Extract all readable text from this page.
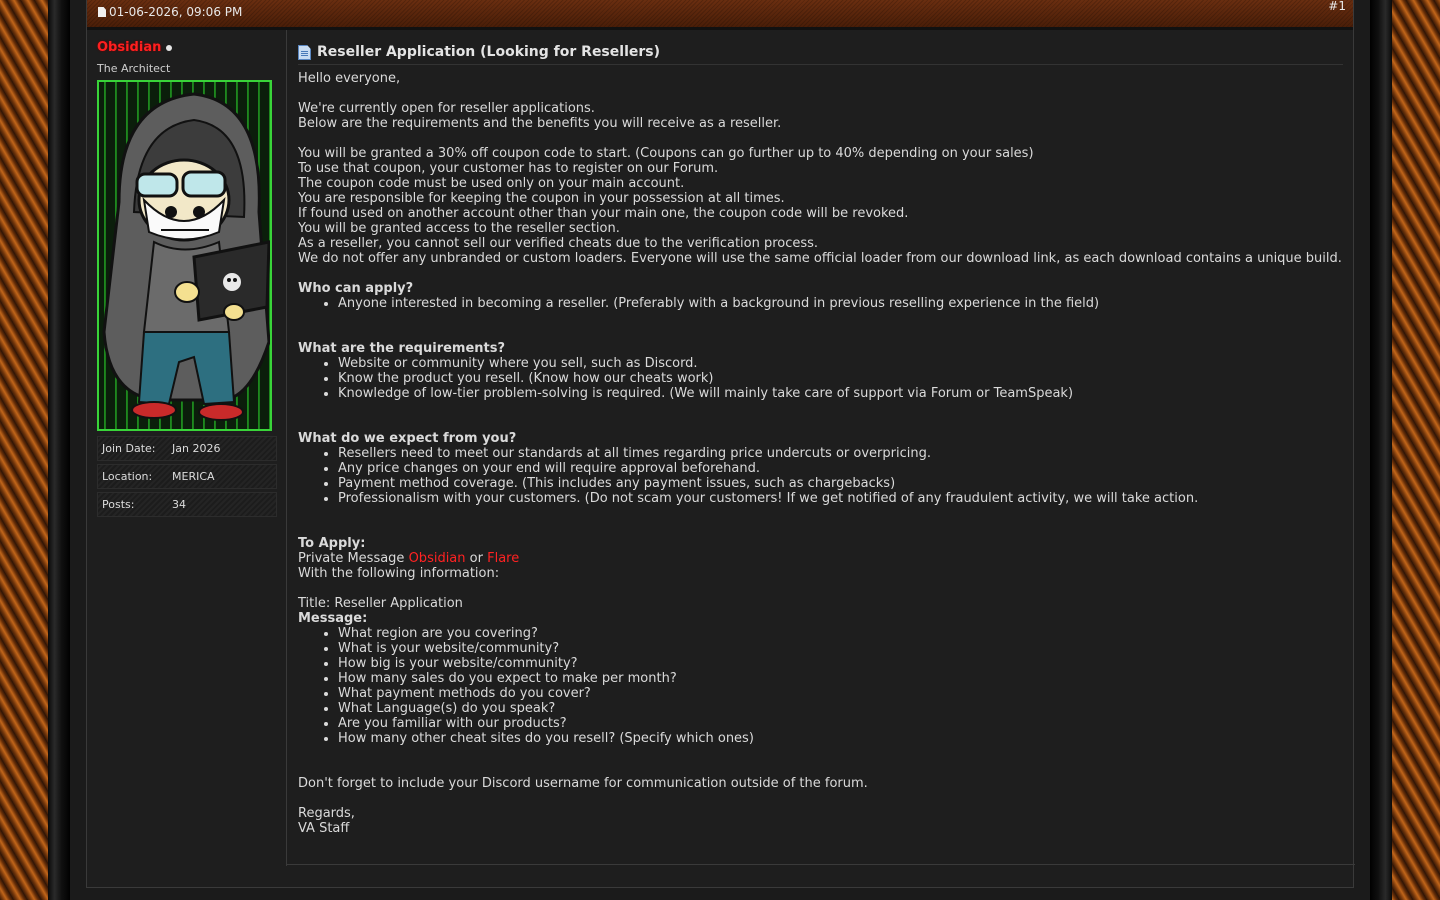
01-06-2026, 09:06 PM	#1
Obsidian
The Architect
Join Date:	Jan 2026
Location:	MERICA
Posts:	34
Reseller Application (Looking for Resellers)
Hello everyone,
We're currently open for reseller applications.
Below are the requirements and the benefits you will receive as a reseller.
You will be granted a 30% off coupon code to start. (Coupons can go further up to 40% depending on your sales)
To use that coupon, your customer has to register on our Forum.
The coupon code must be used only on your main account.
You are responsible for keeping the coupon in your possession at all times.
If found used on another account other than your main one, the coupon code will be revoked.
You will be granted access to the reseller section.
As a reseller, you cannot sell our verified cheats due to the verification process.
We do not offer any unbranded or custom loaders. Everyone will use the same official loader from our download link, as each download contains a unique build.
Who can apply?
• Anyone interested in becoming a reseller. (Preferably with a background in previous reselling experience in the field)
What are the requirements?
• Website or community where you sell, such as Discord.
• Know the product you resell. (Know how our cheats work)
• Knowledge of low-tier problem-solving is required. (We will mainly take care of support via Forum or TeamSpeak)
What do we expect from you?
• Resellers need to meet our standards at all times regarding price undercuts or overpricing.
• Any price changes on your end will require approval beforehand.
• Payment method coverage. (This includes any payment issues, such as chargebacks)
• Professionalism with your customers. (Do not scam your customers! If we get notified of any fraudulent activity, we will take action.
To Apply:
Private Message Obsidian or Flare
With the following information:
Title: Reseller Application
Message:
• What region are you covering?
• What is your website/community?
• How big is your website/community?
• How many sales do you expect to make per month?
• What payment methods do you cover?
• What Language(s) do you speak?
• Are you familiar with our products?
• How many other cheat sites do you resell? (Specify which ones)
Don't forget to include your Discord username for communication outside of the forum.
Regards,
VA Staff
